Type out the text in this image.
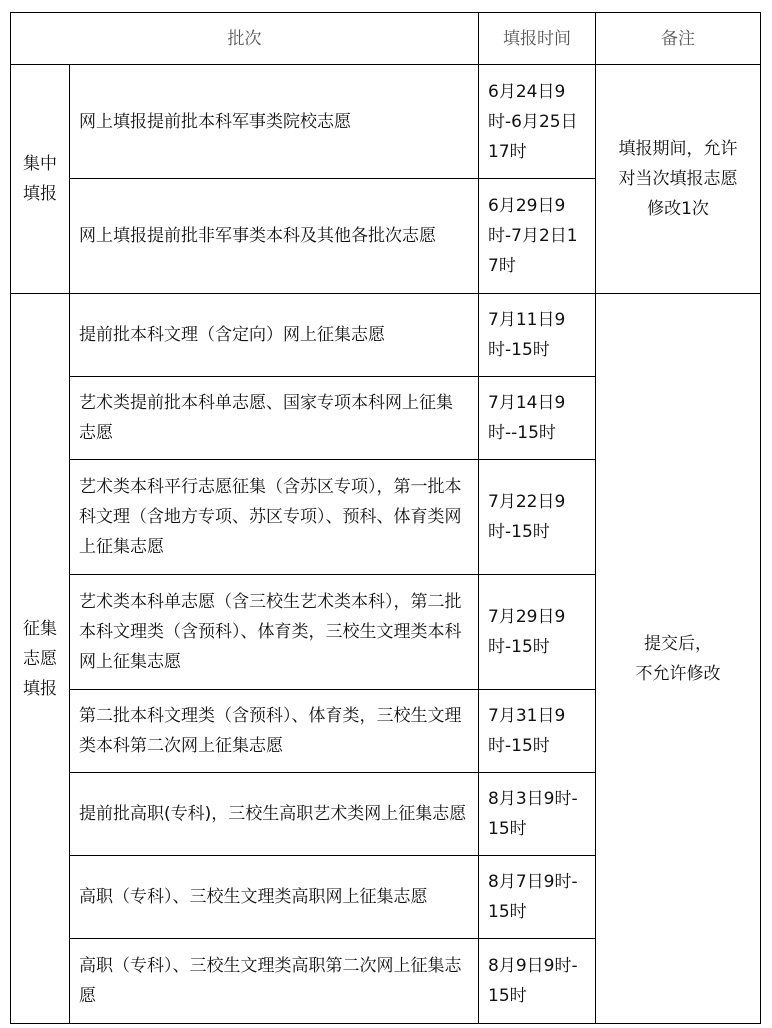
批次		填报时间	备注

集中
填报	网上填报提前批本科军事类院校志愿	6月24日9时-6月25日17时	填报期间，允许
对当次填报志愿
修改1次

	网上填报提前批非军事类本科及其他各批次志愿	6月29日9时-7月2日17时	

征集
志愿
填报	提前批本科文理（含定向）网上征集志愿	7月11日9时-15时	提交后，
不允许修改

	艺术类提前批本科单志愿、国家专项本科网上征集志愿	7月14日9时--15时	

	艺术类本科平行志愿征集（含苏区专项），第一批本科文理（含地方专项、苏区专项）、预科、体育类网上征集志愿	7月22日9时-15时	

	艺术类本科单志愿（含三校生艺术类本科），第二批本科文理类（含预科）、体育类，三校生文理类本科网上征集志愿	7月29日9时-15时	

	第二批本科文理类（含预科）、体育类，三校生文理类本科第二次网上征集志愿	7月31日9时-15时	

	提前批高职(专科)，三校生高职艺术类网上征集志愿	8月3日9时-15时	

	高职（专科）、三校生文理类高职网上征集志愿	8月7日9时-15时	

	高职（专科）、三校生文理类高职第二次网上征集志愿	8月9日9时-15时	
